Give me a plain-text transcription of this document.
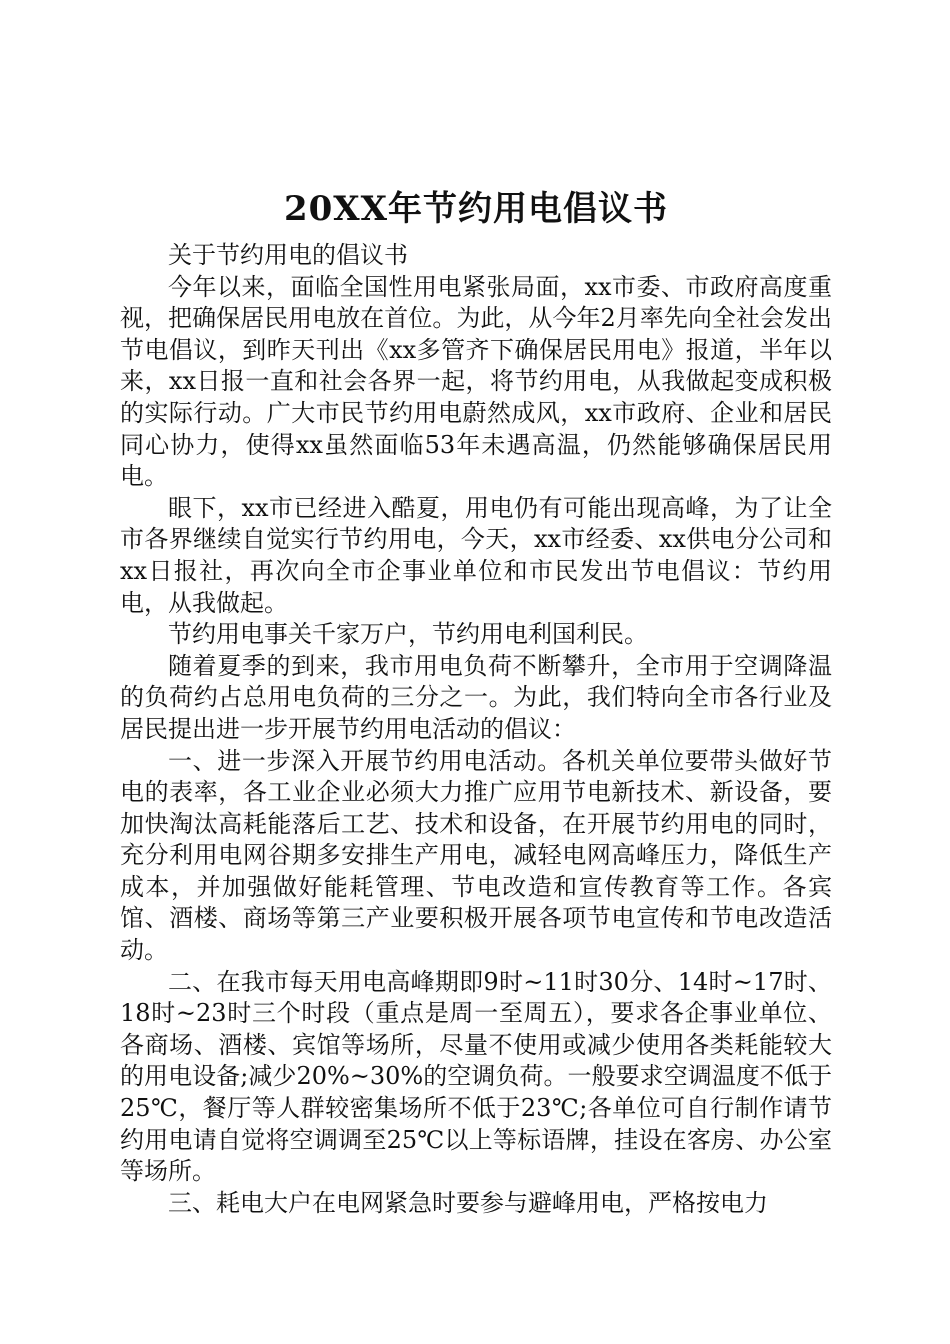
20XX年节约用电倡议书

关于节约用电的倡议书

今年以来，面临全国性用电紧张局面，xx市委、市政府高度重视，把确保居民用电放在首位。为此，从今年2月率先向全社会发出节电倡议，到昨天刊出《xx多管齐下确保居民用电》报道，半年以来，xx日报一直和社会各界一起，将节约用电，从我做起变成积极的实际行动。广大市民节约用电蔚然成风，xx市政府、企业和居民同心协力，使得xx虽然面临53年未遇高温，仍然能够确保居民用电。

眼下，xx市已经进入酷夏，用电仍有可能出现高峰，为了让全市各界继续自觉实行节约用电，今天，xx市经委、xx供电分公司和xx日报社，再次向全市企事业单位和市民发出节电倡议：节约用电，从我做起。

节约用电事关千家万户，节约用电利国利民。

随着夏季的到来，我市用电负荷不断攀升，全市用于空调降温的负荷约占总用电负荷的三分之一。为此，我们特向全市各行业及居民提出进一步开展节约用电活动的倡议：

一、进一步深入开展节约用电活动。各机关单位要带头做好节电的表率，各工业企业必须大力推广应用节电新技术、新设备，要加快淘汰高耗能落后工艺、技术和设备，在开展节约用电的同时，充分利用电网谷期多安排生产用电，减轻电网高峰压力，降低生产成本，并加强做好能耗管理、节电改造和宣传教育等工作。各宾馆、酒楼、商场等第三产业要积极开展各项节电宣传和节电改造活动。

二、在我市每天用电高峰期即9时~11时30分、14时~17时、18时~23时三个时段（重点是周一至周五），要求各企事业单位、各商场、酒楼、宾馆等场所，尽量不使用或减少使用各类耗能较大的用电设备;减少20%~30%的空调负荷。一般要求空调温度不低于25℃，餐厅等人群较密集场所不低于23℃;各单位可自行制作请节约用电请自觉将空调调至25℃以上等标语牌，挂设在客房、办公室等场所。

三、耗电大户在电网紧急时要参与避峰用电，严格按电力
